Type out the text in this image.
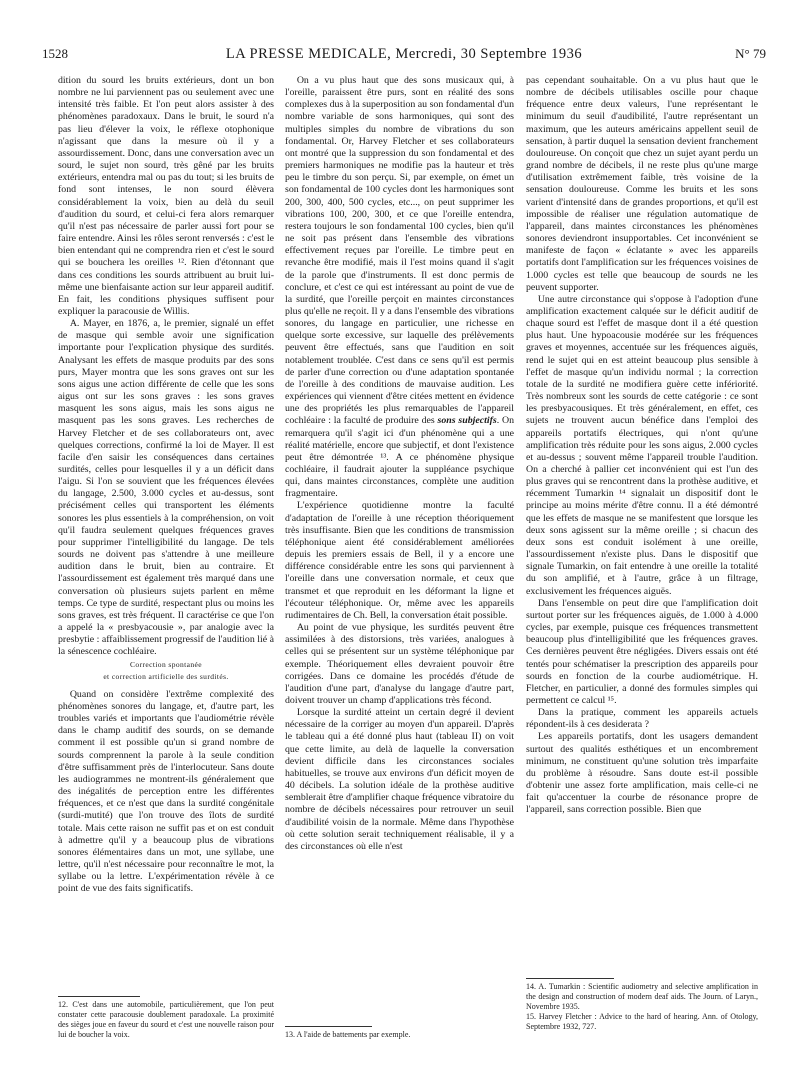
1528	LA PRESSE MEDICALE, Mercredi, 30 Septembre 1936	N° 79

dition du sourd les bruits extérieurs, dont un bon nombre ne lui parviennent pas ou seulement avec une intensité très faible. Et l'on peut alors assister à des phénomènes paradoxaux. Dans le bruit, le sourd n'a pas lieu d'élever la voix, le réflexe otophonique n'agissant que dans la mesure où il y a assourdissement. Donc, dans une conversation avec un sourd, le sujet non sourd, très gêné par les bruits extérieurs, entendra mal ou pas du tout; si les bruits de fond sont intenses, le non sourd élèvera considérablement la voix, bien au delà du seuil d'audition du sourd, et celui-ci fera alors remarquer qu'il n'est pas nécessaire de parler aussi fort pour se faire entendre. Ainsi les rôles seront renversés : c'est le bien entendant qui ne comprendra rien et c'est le sourd qui se bouchera les oreilles ¹². Rien d'étonnant que dans ces conditions les sourds attribuent au bruit lui-même une bienfaisante action sur leur appareil auditif. En fait, les conditions physiques suffisent pour expliquer la paracousie de Willis.

A. Mayer, en 1876, a, le premier, signalé un effet de masque qui semble avoir une signification importante pour l'explication physique des surdités. Analysant les effets de masque produits par des sons purs, Mayer montra que les sons graves ont sur les sons aigus une action différente de celle que les sons aigus ont sur les sons graves : les sons graves masquent les sons aigus, mais les sons aigus ne masquent pas les sons graves. Les recherches de Harvey Fletcher et de ses collaborateurs ont, avec quelques corrections, confirmé la loi de Mayer. Il est facile d'en saisir les conséquences dans certaines surdités, celles pour lesquelles il y a un déficit dans l'aigu. Si l'on se souvient que les fréquences élevées du langage, 2.500, 3.000 cycles et au-dessus, sont précisément celles qui transportent les éléments sonores les plus essentiels à la compréhension, on voit qu'il faudra seulement quelques fréquences graves pour supprimer l'intelligibilité du langage. De tels sourds ne doivent pas s'attendre à une meilleure audition dans le bruit, bien au contraire. Et l'assourdissement est également très marqué dans une conversation où plusieurs sujets parlent en même temps. Ce type de surdité, respectant plus ou moins les sons graves, est très fréquent. Il caractérise ce que l'on a appelé la « presbyacousie », par analogie avec la presbytie : affaiblissement progressif de l'audition lié à la sénescence cochléaire.

Correction spontanée

et correction artificielle des surdités.

Quand on considère l'extrême complexité des phénomènes sonores du langage, et, d'autre part, les troubles variés et importants que l'audiométrie révèle dans le champ auditif des sourds, on se demande comment il est possible qu'un si grand nombre de sourds comprennent la parole à la seule condition d'être suffisamment près de l'interlocuteur. Sans doute les audiogrammes ne montrent-ils généralement que des inégalités de perception entre les différentes fréquences, et ce n'est que dans la surdité congénitale (surdi-mutité) que l'on trouve des îlots de surdité totale. Mais cette raison ne suffit pas et on est conduit à admettre qu'il y a beaucoup plus de vibrations sonores élémentaires dans un mot, une syllabe, une lettre, qu'il n'est nécessaire pour reconnaître le mot, la syllabe ou la lettre. L'expérimentation révèle à ce point de vue des faits significatifs.

12. C'est dans une automobile, particulièrement, que l'on peut constater cette paracousie doublement paradoxale. La proximité des sièges joue en faveur du sourd et c'est une nouvelle raison pour lui de boucher la voix.

On a vu plus haut que des sons musicaux qui, à l'oreille, paraissent être purs, sont en réalité des sons complexes dus à la superposition au son fondamental d'un nombre variable de sons harmoniques, qui sont des multiples simples du nombre de vibrations du son fondamental. Or, Harvey Fletcher et ses collaborateurs ont montré que la suppression du son fondamental et des premiers harmoniques ne modifie pas la hauteur et très peu le timbre du son perçu. Si, par exemple, on émet un son fondamental de 100 cycles dont les harmoniques sont 200, 300, 400, 500 cycles, etc..., on peut supprimer les vibrations 100, 200, 300, et ce que l'oreille entendra, restera toujours le son fondamental 100 cycles, bien qu'il ne soit pas présent dans l'ensemble des vibrations effectivement reçues par l'oreille. Le timbre peut en revanche être modifié, mais il l'est moins quand il s'agit de la parole que d'instruments. Il est donc permis de conclure, et c'est ce qui est intéressant au point de vue de la surdité, que l'oreille perçoit en maintes circonstances plus qu'elle ne reçoit. Il y a dans l'ensemble des vibrations sonores, du langage en particulier, une richesse en quelque sorte excessive, sur laquelle des prélèvements peuvent être effectués, sans que l'audition en soit notablement troublée. C'est dans ce sens qu'il est permis de parler d'une correction ou d'une adaptation spontanée de l'oreille à des conditions de mauvaise audition. Les expériences qui viennent d'être citées mettent en évidence une des propriétés les plus remarquables de l'appareil cochléaire : la faculté de produire des sons subjectifs. On remarquera qu'il s'agit ici d'un phénomène qui a une réalité matérielle, encore que subjectif, et dont l'existence peut être démontrée ¹³. A ce phénomène physique cochléaire, il faudrait ajouter la suppléance psychique qui, dans maintes circonstances, complète une audition fragmentaire.

L'expérience quotidienne montre la faculté d'adaptation de l'oreille à une réception théoriquement très insuffisante. Bien que les conditions de transmission téléphonique aient été considérablement améliorées depuis les premiers essais de Bell, il y a encore une différence considérable entre les sons qui parviennent à l'oreille dans une conversation normale, et ceux que transmet et que reproduit en les déformant la ligne et l'écouteur téléphonique. Or, même avec les appareils rudimentaires de Ch. Bell, la conversation était possible.

Au point de vue physique, les surdités peuvent être assimilées à des distorsions, très variées, analogues à celles qui se présentent sur un système téléphonique par exemple. Théoriquement elles devraient pouvoir être corrigées. Dans ce domaine les procédés d'étude de l'audition d'une part, d'analyse du langage d'autre part, doivent trouver un champ d'applications très fécond.

Lorsque la surdité atteint un certain degré il devient nécessaire de la corriger au moyen d'un appareil. D'après le tableau qui a été donné plus haut (tableau II) on voit que cette limite, au delà de laquelle la conversation devient difficile dans les circonstances sociales habituelles, se trouve aux environs d'un déficit moyen de 40 décibels. La solution idéale de la prothèse auditive semblerait être d'amplifier chaque fréquence vibratoire du nombre de décibels nécessaires pour retrouver un seuil d'audibilité voisin de la normale. Même dans l'hypothèse où cette solution serait techniquement réalisable, il y a des circonstances où elle n'est

13. A l'aide de battements par exemple.

pas cependant souhaitable. On a vu plus haut que le nombre de décibels utilisables oscille pour chaque fréquence entre deux valeurs, l'une représentant le minimum du seuil d'audibilité, l'autre représentant un maximum, que les auteurs américains appellent seuil de sensation, à partir duquel la sensation devient franchement douloureuse. On conçoit que chez un sujet ayant perdu un grand nombre de décibels, il ne reste plus qu'une marge d'utilisation extrêmement faible, très voisine de la sensation douloureuse. Comme les bruits et les sons varient d'intensité dans de grandes proportions, et qu'il est impossible de réaliser une régulation automatique de l'appareil, dans maintes circonstances les phénomènes sonores deviendront insupportables. Cet inconvénient se manifeste de façon « éclatante » avec les appareils portatifs dont l'amplification sur les fréquences voisines de 1.000 cycles est telle que beaucoup de sourds ne les peuvent supporter.

Une autre circonstance qui s'oppose à l'adoption d'une amplification exactement calquée sur le déficit auditif de chaque sourd est l'effet de masque dont il a été question plus haut. Une hypoacousie modérée sur les fréquences graves et moyennes, accentuée sur les fréquences aiguës, rend le sujet qui en est atteint beaucoup plus sensible à l'effet de masque qu'un individu normal ; la correction totale de la surdité ne modifiera guère cette infériorité. Très nombreux sont les sourds de cette catégorie : ce sont les presbyacousiques. Et très généralement, en effet, ces sujets ne trouvent aucun bénéfice dans l'emploi des appareils portatifs électriques, qui n'ont qu'une amplification très réduite pour les sons aigus, 2.000 cycles et au-dessus ; souvent même l'appareil trouble l'audition. On a cherché à pallier cet inconvénient qui est l'un des plus graves qui se rencontrent dans la prothèse auditive, et récemment Tumarkin ¹⁴ signalait un dispositif dont le principe au moins mérite d'être connu. Il a été démontré que les effets de masque ne se manifestent que lorsque les deux sons agissent sur la même oreille ; si chacun des deux sons est conduit isolément à une oreille, l'assourdissement n'existe plus. Dans le dispositif que signale Tumarkin, on fait entendre à une oreille la totalité du son amplifié, et à l'autre, grâce à un filtrage, exclusivement les fréquences aiguës.

Dans l'ensemble on peut dire que l'amplification doit surtout porter sur les fréquences aiguës, de 1.000 à 4.000 cycles, par exemple, puisque ces fréquences transmettent beaucoup plus d'intelligibilité que les fréquences graves. Ces dernières peuvent être négligées. Divers essais ont été tentés pour schématiser la prescription des appareils pour sourds en fonction de la courbe audiométrique. H. Fletcher, en particulier, a donné des formules simples qui permettent ce calcul ¹⁵.

Dans la pratique, comment les appareils actuels répondent-ils à ces desiderata ?

Les appareils portatifs, dont les usagers demandent surtout des qualités esthétiques et un encombrement minimum, ne constituent qu'une solution très imparfaite du problème à résoudre. Sans doute est-il possible d'obtenir une assez forte amplification, mais celle-ci ne fait qu'accentuer la courbe de résonance propre de l'appareil, sans correction possible. Bien que

14. A. Tumarkin : Scientific audiometry and selective amplification in the design and construction of modern deaf aids. The Journ. of Laryn., Novembre 1935.

15. Harvey Fletcher : Advice to the hard of hearing. Ann. of Otology, Septembre 1932, 727.
